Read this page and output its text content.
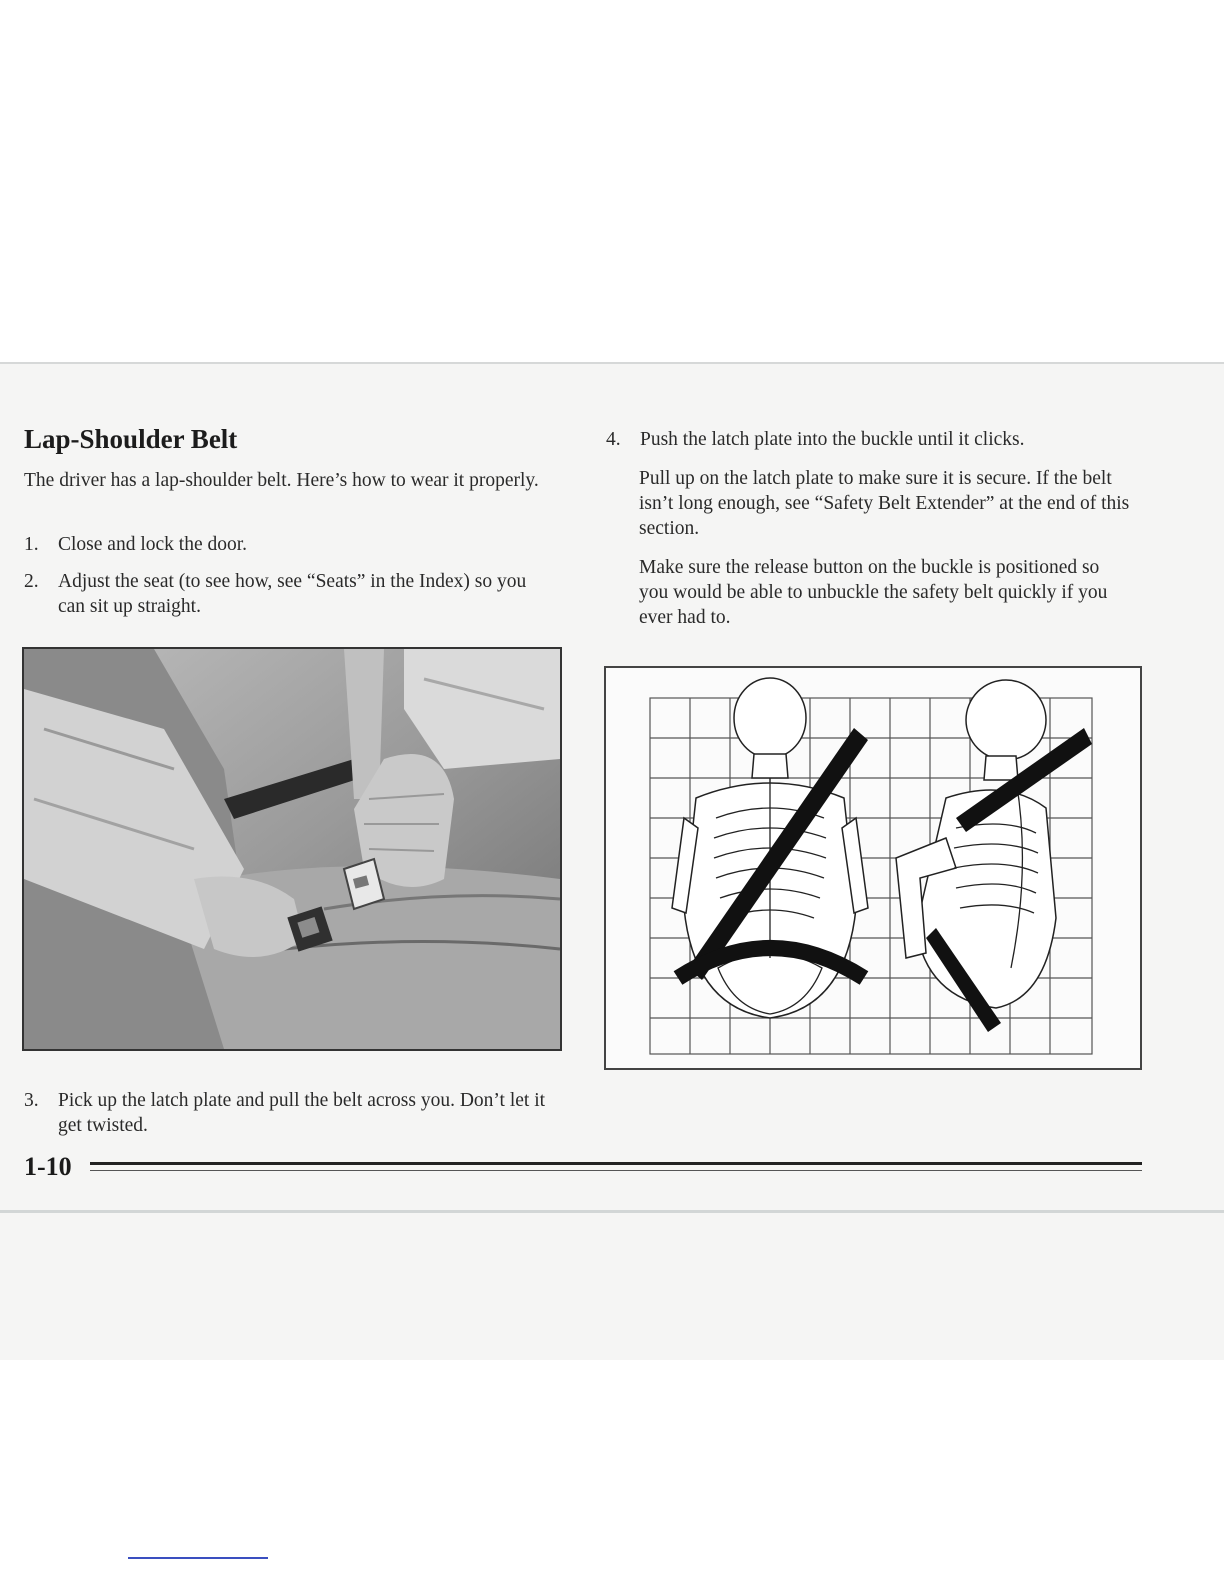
Lap-Shoulder Belt

The driver has a lap-shoulder belt. Here’s how to wear it properly.

1. Close and lock the door.
2. Adjust the seat (to see how, see “Seats” in the Index) so you can sit up straight.
3. Pick up the latch plate and pull the belt across you. Don’t let it get twisted.
4. Push the latch plate into the buckle until it clicks.

Pull up on the latch plate to make sure it is secure. If the belt isn’t long enough, see “Safety Belt Extender” at the end of this section.

Make sure the release button on the buckle is positioned so you would be able to unbuckle the safety belt quickly if you ever had to.

1-10
